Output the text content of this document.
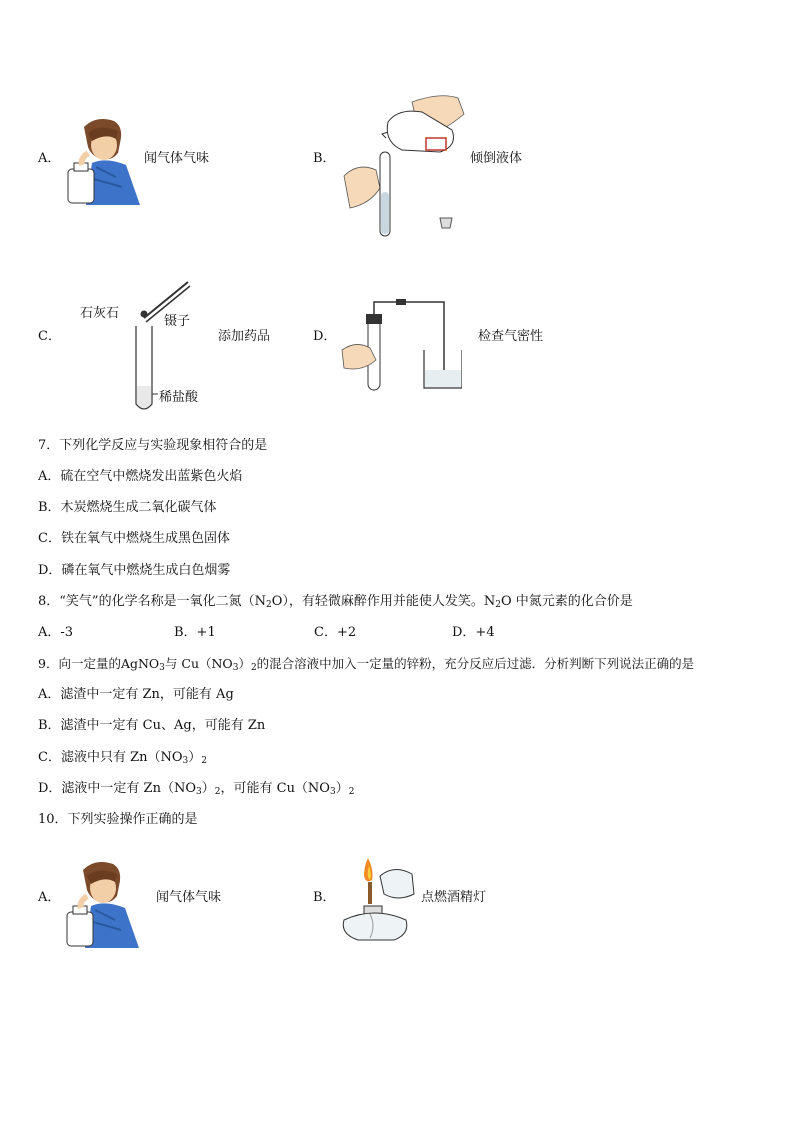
A．	闻气体气味	B．	倾倒液体
C．
石灰石
镊子
稀盐酸
添加药品	D．	检查气密性
7．下列化学反应与实验现象相符合的是
A．硫在空气中燃烧发出蓝紫色火焰
B．木炭燃烧生成二氧化碳气体
C．铁在氧气中燃烧生成黑色固体
D．磷在氧气中燃烧生成白色烟雾
8．“笑气”的化学名称是一氧化二氮$(N_2O)$，有轻微麻醉作用并能使人发笑。$N_2O$ 中氮元素的化合价是
A．-3	B．+1	C．+2	D．+4
9．向一定量的AgNO$_3$与 $Cu(NO_3)_2$的混合溶液中加入一定量的锌粉，充分反应后过滤．分析判断下列说法正确的是
A．滤渣中一定有 Zn，可能有 Ag
B．滤渣中一定有 Cu、Ag，可能有 Zn
C．滤液中只有 $Zn(NO_3)_2$
D．滤液中一定有 $Zn(NO_3)_2$，可能有 $Cu(NO_3)_2$
10．下列实验操作正确的是
A．	闻气体气味	B．	点燃酒精灯
